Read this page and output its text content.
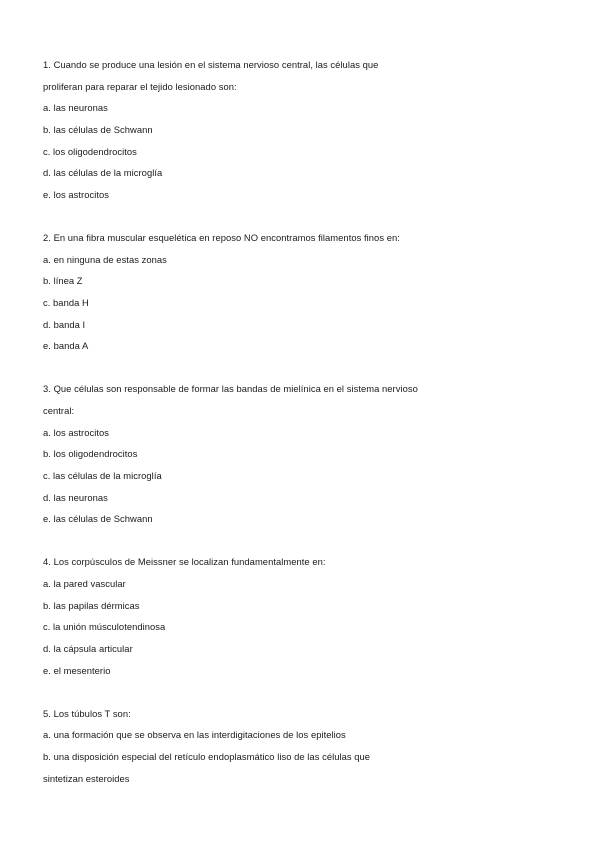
1. Cuando se produce una lesión en el sistema nervioso central, las células que
proliferan para reparar el tejido lesionado son:
a. las neuronas
b. las células de Schwann
c. los oligodendrocitos
d. las células de la microglía
e. los astrocitos
2. En una fibra muscular esquelética en reposo NO encontramos filamentos finos en:
a. en ninguna de estas zonas
b. línea Z
c. banda H
d. banda I
e. banda A
3. Que células son responsable de formar las bandas de mielínica en el sistema nervioso
central:
a. los astrocitos
b. los oligodendrocitos
c. las células de la microglía
d. las neuronas
e. las células de Schwann
4. Los corpúsculos de Meissner se localizan fundamentalmente en:
a. la pared vascular
b. las papilas dérmicas
c. la unión músculotendinosa
d. la cápsula articular
e. el mesenterio
5. Los túbulos T son:
a. una formación que se observa en las interdigitaciones de los epitelios
b. una disposición especial del retículo endoplasmático liso de las células que
sintetizan esteroides
